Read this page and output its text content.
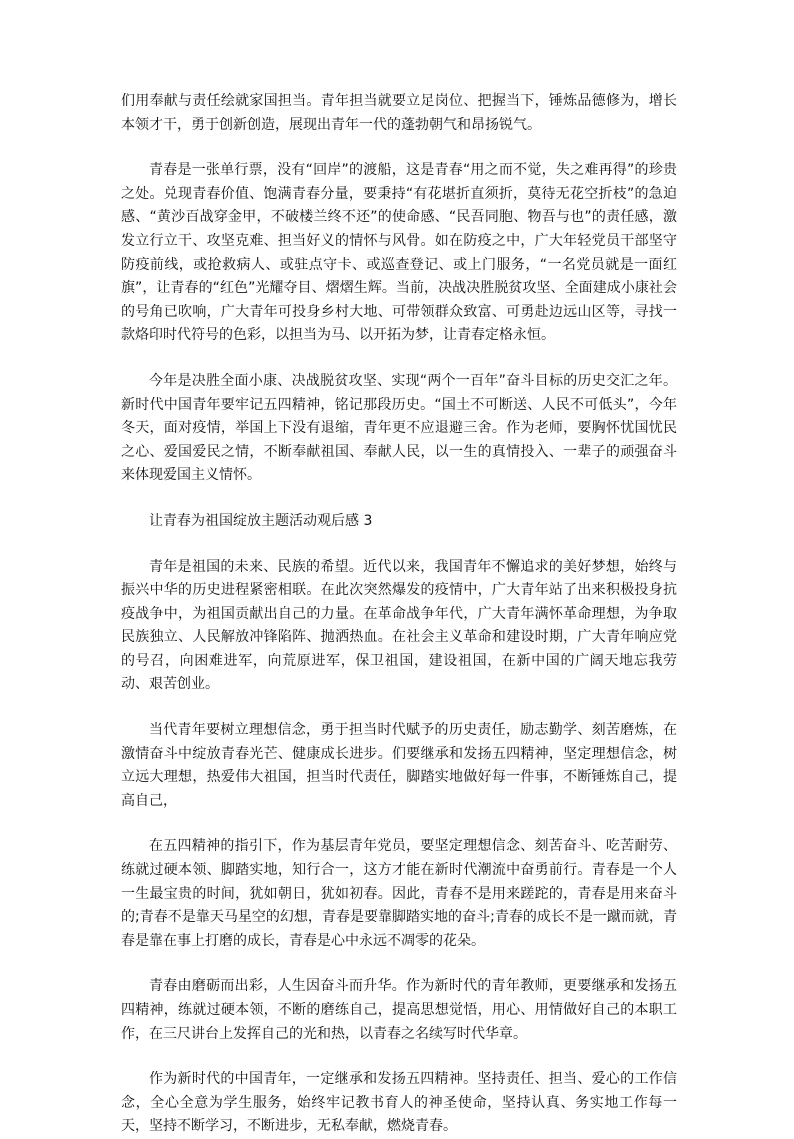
们用奉献与责任绘就家国担当。青年担当就要立足岗位、把握当下，锤炼品德修为，增长本领才干，勇于创新创造，展现出青年一代的蓬勃朝气和昂扬锐气。

青春是一张单行票，没有“回岸”的渡船，这是青春“用之而不觉，失之难再得”的珍贵之处。兑现青春价值、饱满青春分量，要秉持“有花堪折直须折，莫待无花空折枝”的急迫感、“黄沙百战穿金甲，不破楼兰终不还”的使命感、“民吾同胞、物吾与也”的责任感，激发立行立干、攻坚克难、担当好义的情怀与风骨。如在防疫之中，广大年轻党员干部坚守防疫前线，或抢救病人、或驻点守卡、或巡查登记、或上门服务，“一名党员就是一面红旗”，让青春的“红色”光耀夺目、熠熠生辉。当前，决战决胜脱贫攻坚、全面建成小康社会的号角已吹响，广大青年可投身乡村大地、可带领群众致富、可勇赴边远山区等，寻找一款烙印时代符号的色彩，以担当为马、以开拓为梦，让青春定格永恒。

今年是决胜全面小康、决战脱贫攻坚、实现“两个一百年”奋斗目标的历史交汇之年。新时代中国青年要牢记五四精神，铭记那段历史。“国土不可断送、人民不可低头”，今年冬天，面对疫情，举国上下没有退缩，青年更不应退避三舍。作为老师，要胸怀忧国忧民之心、爱国爱民之情，不断奉献祖国、奉献人民，以一生的真情投入、一辈子的顽强奋斗来体现爱国主义情怀。

让青春为祖国绽放主题活动观后感 3

青年是祖国的未来、民族的希望。近代以来，我国青年不懈追求的美好梦想，始终与振兴中华的历史进程紧密相联。在此次突然爆发的疫情中，广大青年站了出来积极投身抗疫战争中，为祖国贡献出自己的力量。在革命战争年代，广大青年满怀革命理想，为争取民族独立、人民解放冲锋陷阵、抛洒热血。在社会主义革命和建设时期，广大青年响应党的号召，向困难进军，向荒原进军，保卫祖国，建设祖国，在新中国的广阔天地忘我劳动、艰苦创业。

当代青年要树立理想信念，勇于担当时代赋予的历史责任，励志勤学、刻苦磨炼，在激情奋斗中绽放青春光芒、健康成长进步。们要继承和发扬五四精神，坚定理想信念，树立远大理想，热爱伟大祖国，担当时代责任，脚踏实地做好每一件事，不断锤炼自己，提高自己，

在五四精神的指引下，作为基层青年党员，要坚定理想信念、刻苦奋斗、吃苦耐劳、练就过硬本领、脚踏实地，知行合一，这方才能在新时代潮流中奋勇前行。青春是一个人一生最宝贵的时间，犹如朝日，犹如初春。因此，青春不是用来蹉跎的，青春是用来奋斗的;青春不是靠天马星空的幻想，青春是要靠脚踏实地的奋斗;青春的成长不是一蹴而就，青春是靠在事上打磨的成长，青春是心中永远不凋零的花朵。

青春由磨砺而出彩，人生因奋斗而升华。作为新时代的青年教师，更要继承和发扬五四精神，练就过硬本领，不断的磨练自己，提高思想觉悟，用心、用情做好自己的本职工作，在三尺讲台上发挥自己的光和热，以青春之名续写时代华章。

作为新时代的中国青年，一定继承和发扬五四精神。坚持责任、担当、爱心的工作信念，全心全意为学生服务，始终牢记教书育人的神圣使命，坚持认真、务实地工作每一天，坚持不断学习，不断进步，无私奉献，燃烧青春。
